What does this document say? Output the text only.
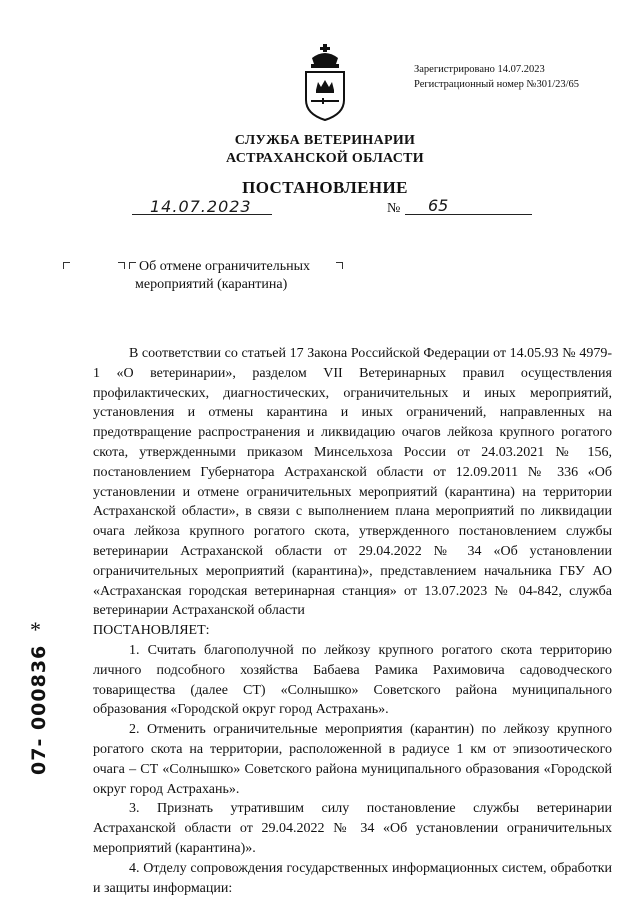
Зарегистрировано 14.07.2023
Регистрационный номер №301/23/65
СЛУЖБА ВЕТЕРИНАРИИ
АСТРАХАНСКОЙ ОБЛАСТИ
ПОСТАНОВЛЕНИЕ
14.07.2023	№ 65
Об отмене ограничительных
мероприятий (карантина)

В соответствии со статьей 17 Закона Российской Федерации от 14.05.93 № 4979-1 «О ветеринарии», разделом VII Ветеринарных правил осуществления профилактических, диагностических, ограничительных и иных мероприятий, установления и отмены карантина и иных ограничений, направленных на предотвращение распространения и ликвидацию очагов лейкоза крупного рогатого скота, утвержденными приказом Минсельхоза России от 24.03.2021 № 156, постановлением Губернатора Астраханской области от 12.09.2011 № 336 «Об установлении и отмене ограничительных мероприятий (карантина) на территории Астраханской области», в связи с выполнением плана мероприятий по ликвидации очага лейкоза крупного рогатого скота, утвержденного постановлением службы ветеринарии Астраханской области от 29.04.2022 № 34 «Об установлении ограничительных мероприятий (карантина)», представлением начальника ГБУ АО «Астраханская городская ветеринарная станция» от 13.07.2023 № 04-842, служба ветеринарии Астраханской области

ПОСТАНОВЛЯЕТ:

1. Считать благополучной по лейкозу крупного рогатого скота территорию личного подсобного хозяйства Бабаева Рамика Рахимовича садоводческого товарищества (далее СТ) «Солнышко» Советского района муниципального образования «Городской округ город Астрахань».

2. Отменить ограничительные мероприятия (карантин) по лейкозу крупного рогатого скота на территории, расположенной в радиусе 1 км от эпизоотического очага – СТ «Солнышко» Советского района муниципального образования «Городской округ город Астрахань».

3. Признать утратившим силу постановление службы ветеринарии Астраханской области от 29.04.2022 № 34 «Об установлении ограничительных мероприятий (карантина)».

4. Отделу сопровождения государственных информационных систем, обработки и защиты информации:

*
07- 000836
